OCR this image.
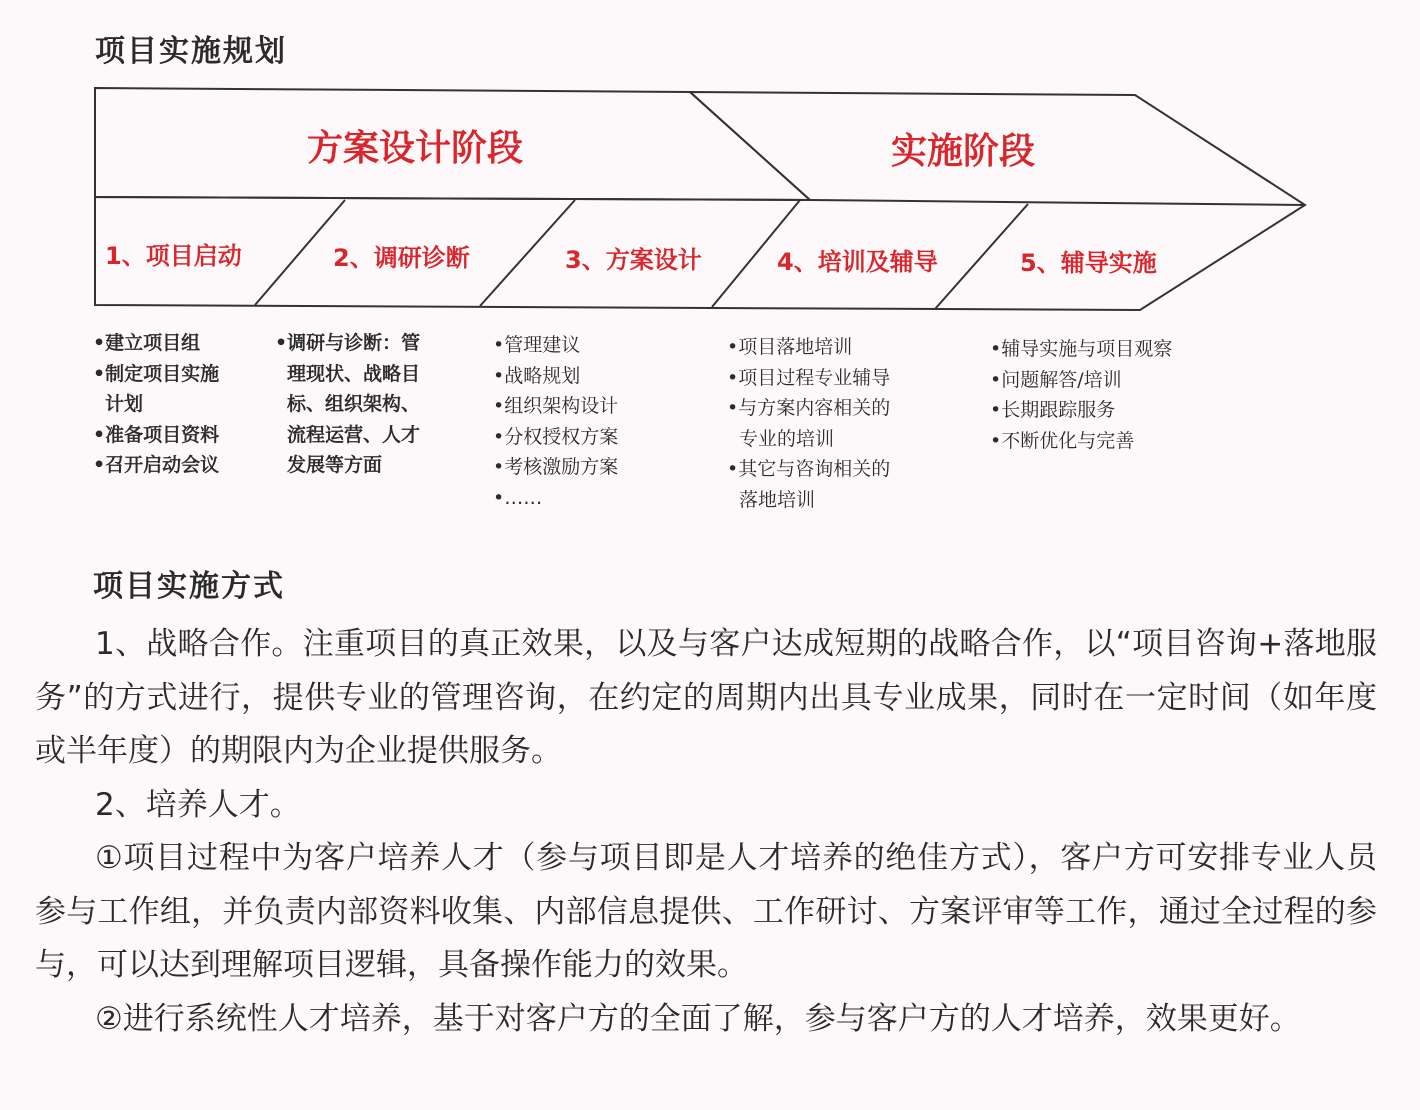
项目实施规划
方案设计阶段	实施阶段
1、项目启动	2、调研诊断	3、方案设计	4、培训及辅导	5、辅导实施
•建立项目组
•制定项目实施
计划
•准备项目资料
•召开启动会议
•调研与诊断：管
理现状、战略目
标、组织架构、
流程运营、人才
发展等方面
•管理建议
•战略规划
•组织架构设计
•分权授权方案
•考核激励方案
•……
•项目落地培训
•项目过程专业辅导
•与方案内容相关的
专业的培训
•其它与咨询相关的
落地培训
•辅导实施与项目观察
•问题解答/培训
•长期跟踪服务
•不断优化与完善
项目实施方式

1、战略合作。注重项目的真正效果，以及与客户达成短期的战略合作，以“项目咨询+落地服务”的方式进行，提供专业的管理咨询，在约定的周期内出具专业成果，同时在一定时间（如年度或半年度）的期限内为企业提供服务。

2、培养人才。

①项目过程中为客户培养人才（参与项目即是人才培养的绝佳方式），客户方可安排专业人员参与工作组，并负责内部资料收集、内部信息提供、工作研讨、方案评审等工作，通过全过程的参与，可以达到理解项目逻辑，具备操作能力的效果。

②进行系统性人才培养，基于对客户方的全面了解，参与客户方的人才培养，效果更好。
